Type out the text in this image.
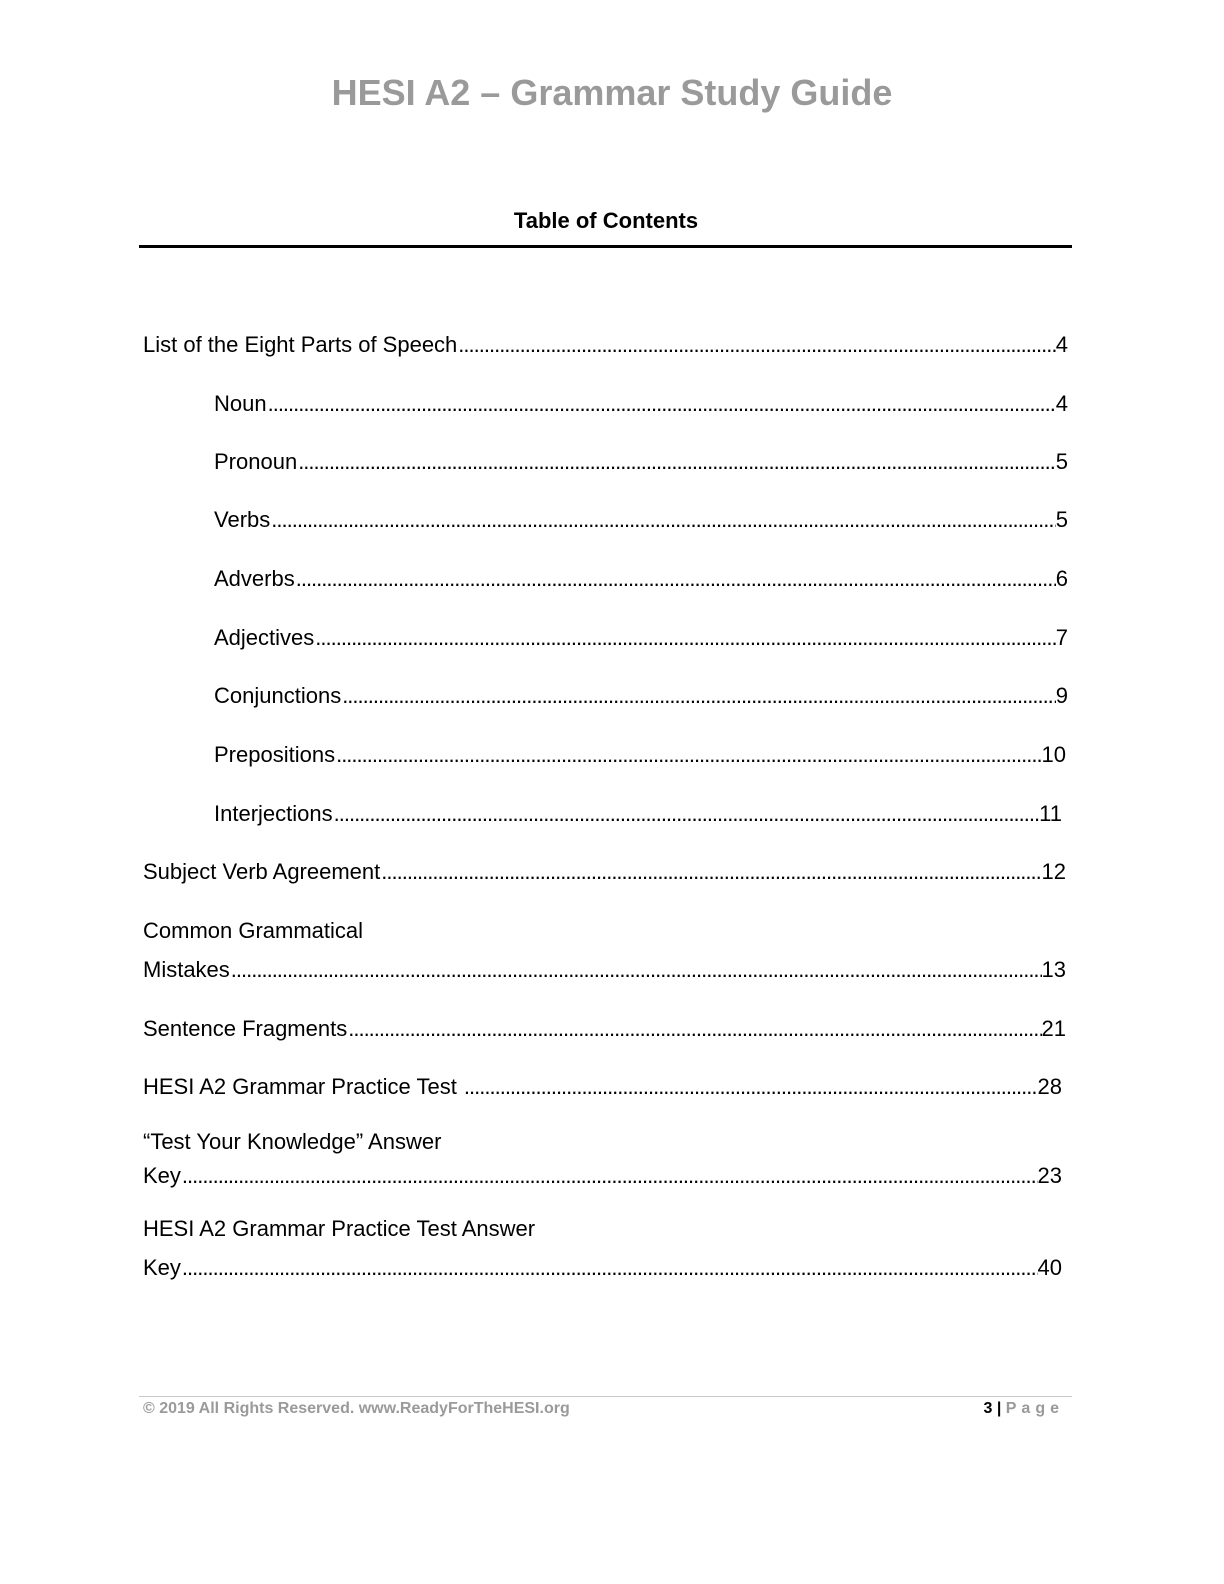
HESI A2 – Grammar Study Guide
Table of Contents
List of the Eight Parts of Speech .....	4
Noun .....	4
Pronoun .....	5
Verbs .....	5
Adverbs .....	6
Adjectives .....	7
Conjunctions .....	9
Prepositions .....	10
Interjections .....	11
Subject Verb Agreement .....	12
Common Grammatical
Mistakes .....	13
Sentence Fragments .....	21
HESI A2 Grammar Practice Test .....	28
“Test Your Knowledge” Answer
Key .....	23
HESI A2 Grammar Practice Test Answer
Key .....	40
© 2019 All Rights Reserved. www.ReadyForTheHESI.org	3 | Page
